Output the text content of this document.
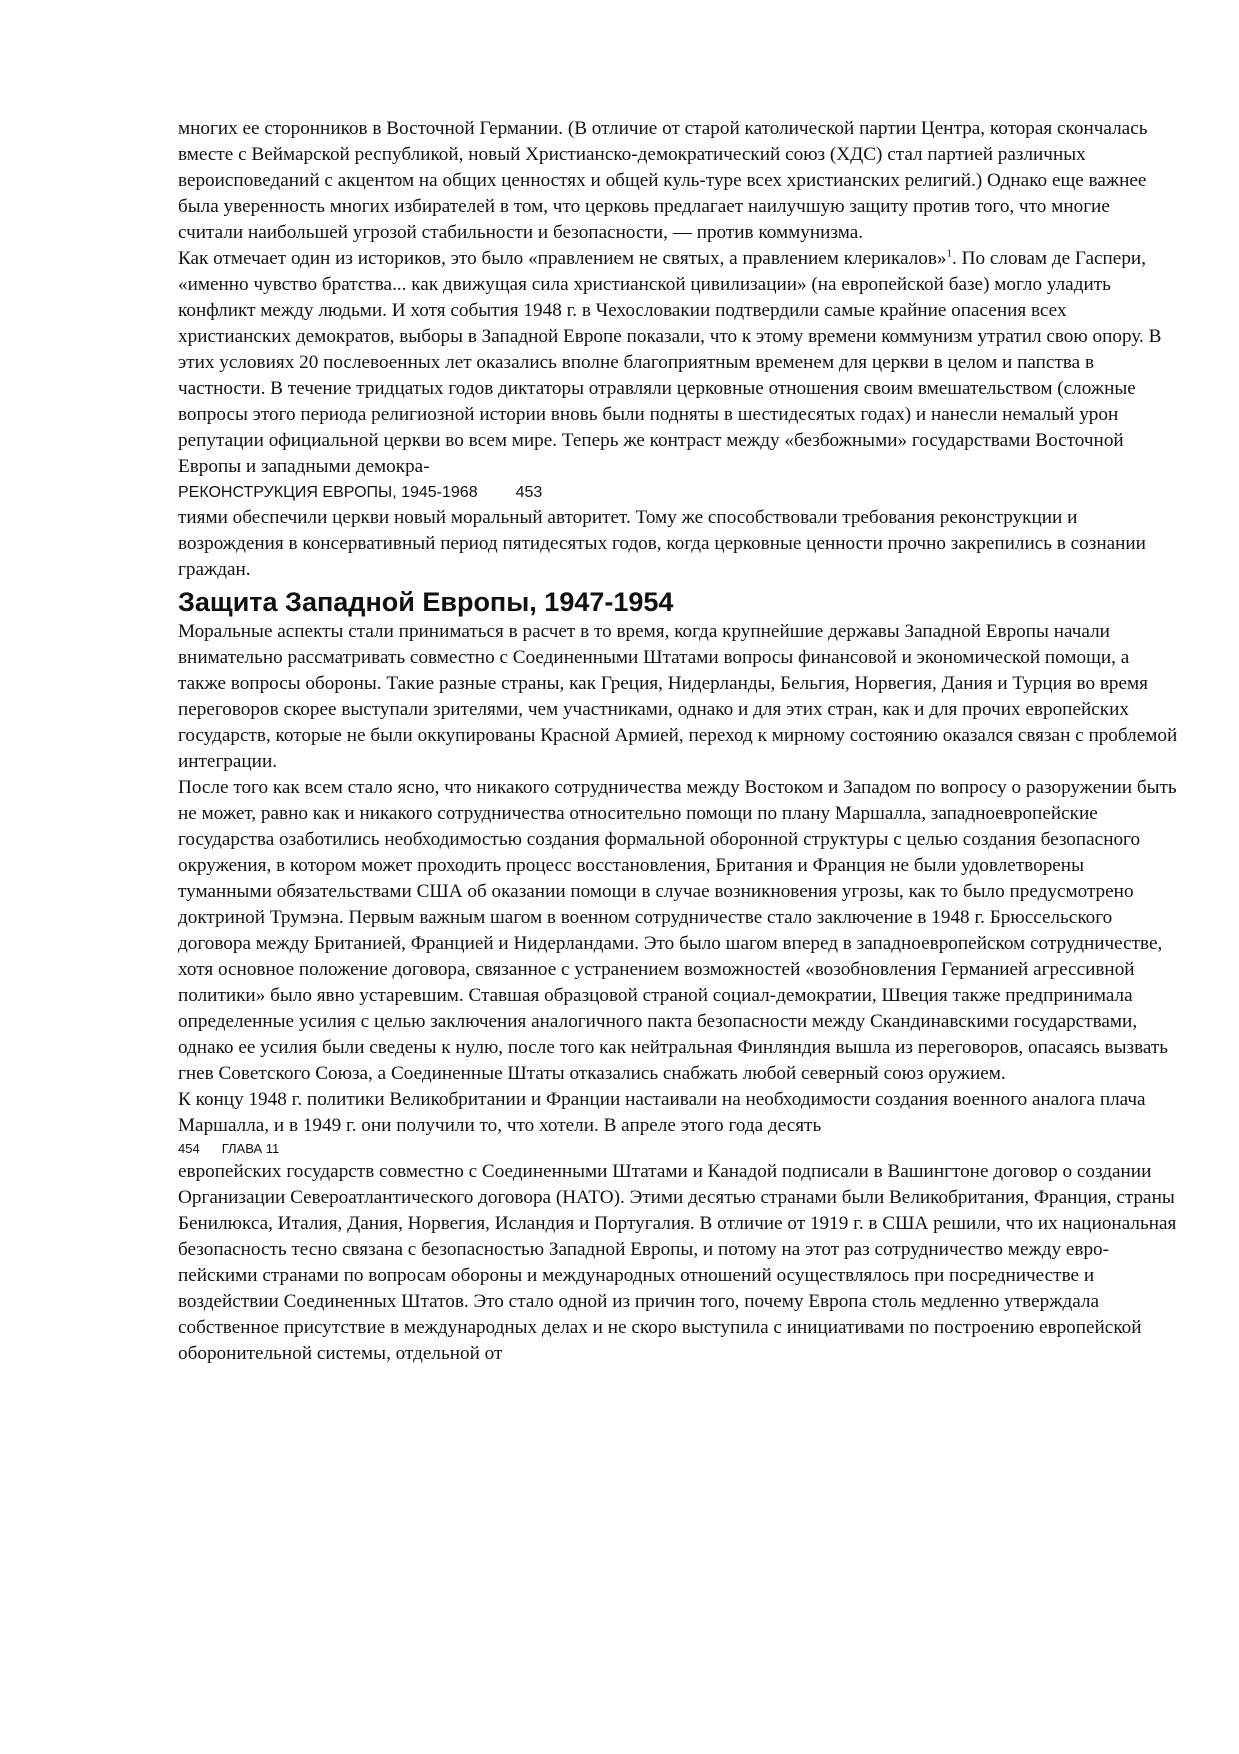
многих ее сторонников в Восточной Германии. (В отличие от старой католической партии Центра, которая скончалась вместе с Веймарской республикой, новый Христианско-демократический союз (ХДС) стал партией различных вероисповеданий с акцентом на общих ценностях и общей куль-туре всех христианских религий.) Однако еще важнее была уверенность многих избирателей в том, что церковь предлагает наилучшую защиту против того, что многие считали наибольшей угрозой стабильности и безопасности, — против коммунизма.

Как отмечает один из историков, это было «правлением не святых, а правлением клерикалов»$^1$. По словам де Гаспери, «именно чувство братства... как движущая сила христианской цивилизации» (на европейской базе) могло уладить конфликт между людьми. И хотя события 1948 г. в Чехословакии подтвердили самые крайние опасения всех христианских демократов, выборы в Западной Европе показали, что к этому времени коммунизм утратил свою опору. В этих условиях 20 послевоенных лет оказались вполне благоприятным временем для церкви в целом и папства в частности. В течение тридцатых годов диктаторы отравляли церковные отношения своим вмешательством (сложные вопросы этого периода религиозной истории вновь были подняты в шестидесятых годах) и нанесли немалый урон репутации официальной церкви во всем мире. Теперь же контраст между «безбожными» государствами Восточной Европы и западными демокра-

РЕКОНСТРУКЦИЯ ЕВРОПЫ, 1945-1968 453

тиями обеспечили церкви новый моральный авторитет. Тому же способствовали требования реконструкции и возрождения в консервативный период пятидесятых годов, когда церковные ценности прочно закрепились в сознании граждан.

Защита Западной Европы, 1947-1954

Моральные аспекты стали приниматься в расчет в то время, когда крупнейшие державы Западной Европы начали внимательно рассматривать совместно с Соединенными Штатами вопросы финансовой и экономической помощи, а также вопросы обороны. Такие разные страны, как Греция, Нидерланды, Бельгия, Норвегия, Дания и Турция во время переговоров скорее выступали зрителями, чем участниками, однако и для этих стран, как и для прочих европейских государств, которые не были оккупированы Красной Армией, переход к мирному состоянию оказался связан с проблемой интеграции.

После того как всем стало ясно, что никакого сотрудничества между Востоком и Западом по вопросу о разоружении быть не может, равно как и никакого сотрудничества относительно помощи по плану Маршалла, западноевропейские государства озаботились необходимостью создания формальной оборонной структуры с целью создания безопасного окружения, в котором может проходить процесс восстановления, Британия и Франция не были удовлетворены туманными обязательствами США об оказании помощи в случае возникновения угрозы, как то было предусмотрено доктриной Трумэна. Первым важным шагом в военном сотрудничестве стало заключение в 1948 г. Брюссельского договора между Британией, Францией и Нидерландами. Это было шагом вперед в западноевропейском сотрудничестве, хотя основное положение договора, связанное с устранением возможностей «возобновления Германией агрессивной политики» было явно устаревшим. Ставшая образцовой страной социал-демократии, Швеция также предпринимала определенные усилия с целью заключения аналогичного пакта безопасности между Скандинавскими государствами, однако ее усилия были сведены к нулю, после того как нейтральная Финляндия вышла из переговоров, опасаясь вызвать гнев Советского Союза, а Соединенные Штаты отказались снабжать любой северный союз оружием.

К концу 1948 г. политики Великобритании и Франции настаивали на необходимости создания военного аналога плача Маршалла, и в 1949 г. они получили то, что хотели. В апреле этого года десять

454 ГЛАВА 11

европейских государств совместно с Соединенными Штатами и Канадой подписали в Вашингтоне договор о создании Организации Североатлантического договора (НАТО). Этими десятью странами были Великобритания, Франция, страны Бенилюкса, Италия, Дания, Норвегия, Исландия и Португалия. В отличие от 1919 г. в США решили, что их национальная безопасность тесно связана с безопасностью Западной Европы, и потому на этот раз сотрудничество между евро-пейскими странами по вопросам обороны и международных отношений осуществлялось при посредничестве и воздействии Соединенных Штатов. Это стало одной из причин того, почему Европа столь медленно утверждала собственное присутствие в международных делах и не скоро выступила с инициативами по построению европейской оборонительной системы, отдельной от
